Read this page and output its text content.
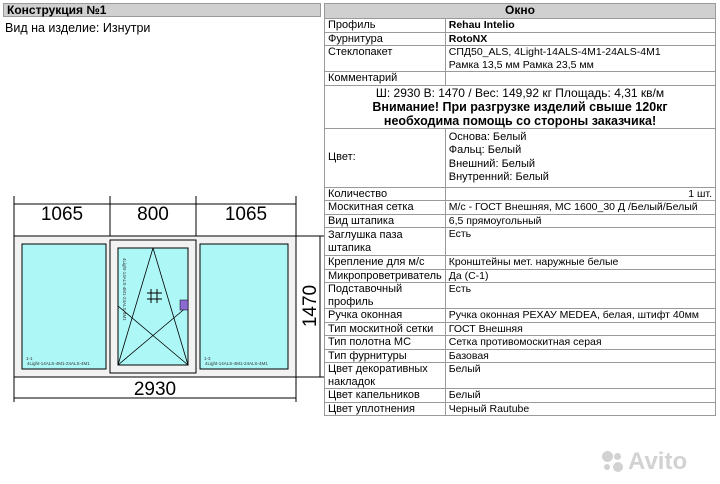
Конструкция №1
Вид на изделие: Изнутри
1065	800	1065
4Light-14ALS-4M1-24ALS-4M1	4Light-14ALS-4M1-24ALS-4M1
4Light-14ALS-4M1-24ALS-4M1
1-1	1-3
2930
1470
Окно	
Профиль	Rehau Intelio
Фурнитура	RotoNX
Стеклопакет	СПД50_ALS, 4Light-14ALS-4M1-24ALS-4M1
Рамка 13,5 мм Рамка 23,5 мм

Комментарий	

Ш: 2930 В: 1470 / Вес: 149,92 кг Площадь: 4,31 кв/м
Внимание! При разгрузке изделий свыше 120кг
необходима помощь со стороны заказчика!	

Цвет:	Основа: Белый
Фальц: Белый
Внешний: Белый
Внутренний: Белый

Количество	1 шт.
Москитная сетка	М/с - ГОСТ Внешняя, МС 1600_30 Д /Белый/Белый
Вид штапика	6,5 прямоугольный
Заглушка паза штапика	Есть
Крепление для м/с	Кронштейны мет. наружные белые
Микропроветриватель	Да (С-1)
Подставочный профиль	Есть
Ручка оконная	Ручка оконная РЕХАУ MEDEA, белая, штифт 40мм
Тип москитной сетки	ГОСТ Внешняя
Тип полотна МС	Сетка противомоскитная серая
Тип фурнитуры	Базовая
Цвет декоративных накладок	Белый
Цвет капельников	Белый
Цвет уплотнения	Черный Rautube
Avito
